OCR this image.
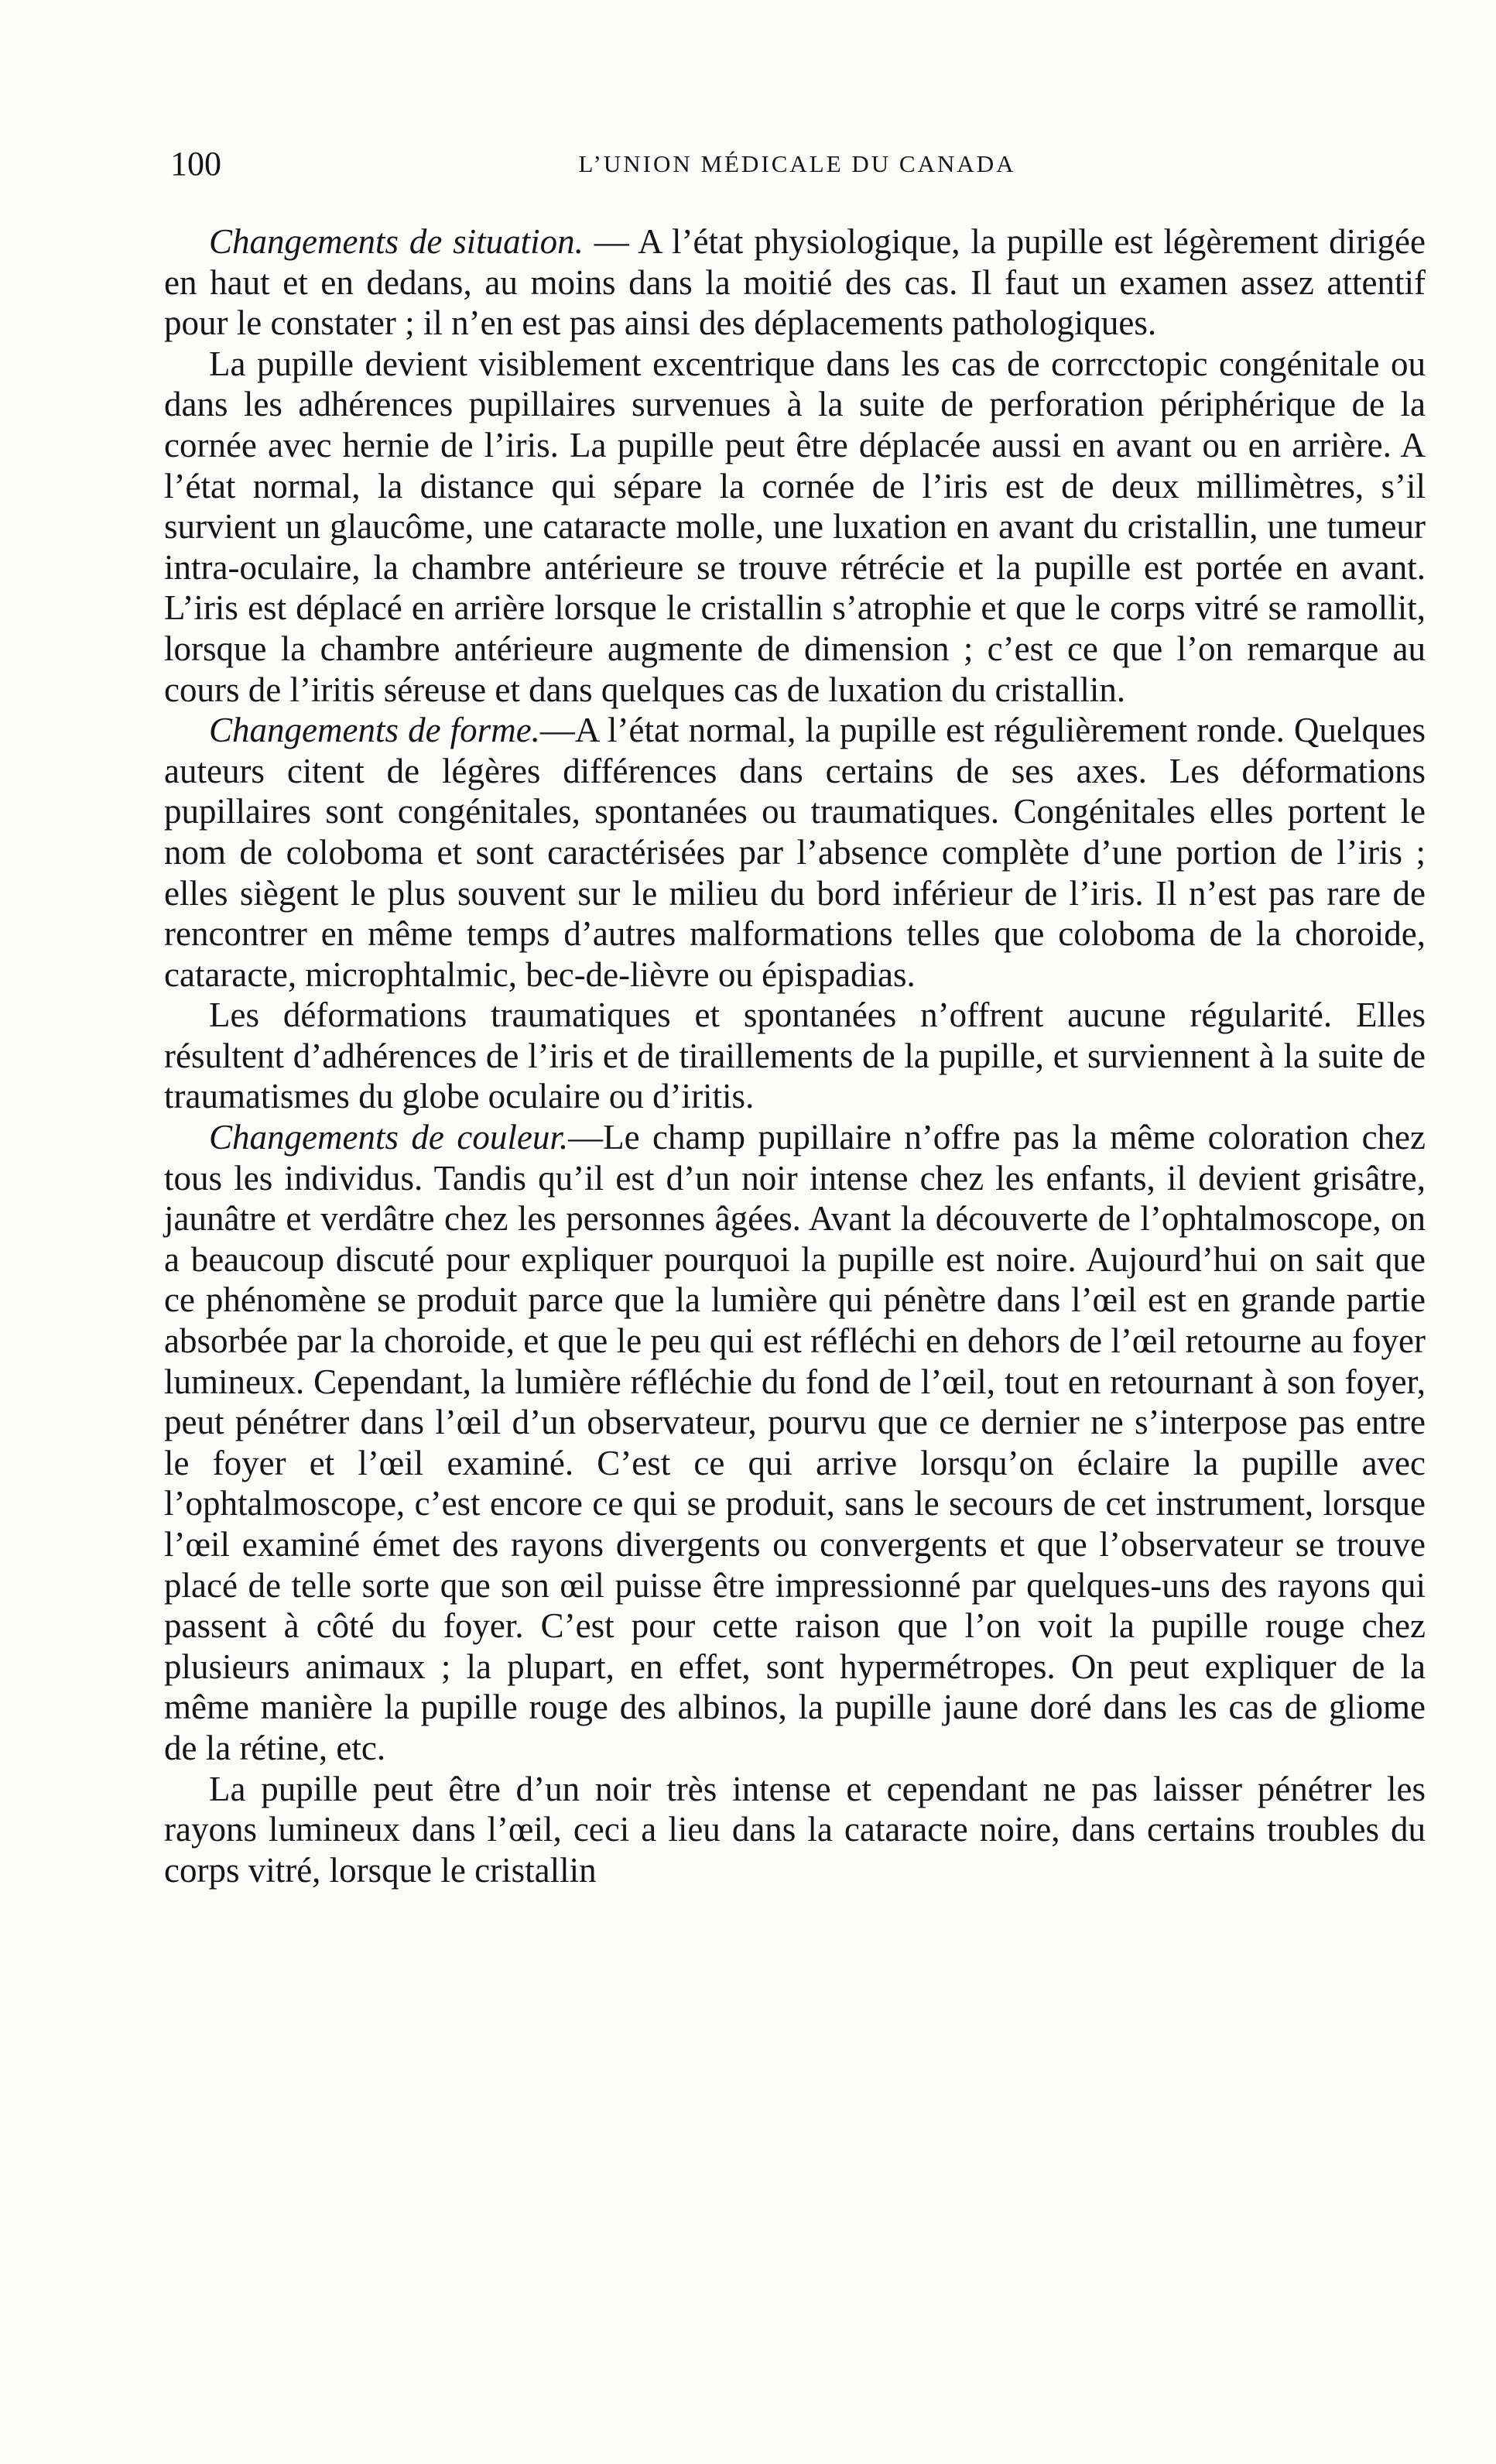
100	L’UNION MÉDICALE DU CANADA

Changements de situation. — A l’état physiologique, la pupille est légèrement dirigée en haut et en dedans, au moins dans la moitié des cas. Il faut un examen assez attentif pour le constater ; il n’en est pas ainsi des déplacements pathologiques.

La pupille devient visiblement excentrique dans les cas de corrcctopic congénitale ou dans les adhérences pupillaires survenues à la suite de perforation périphérique de la cornée avec hernie de l’iris. La pupille peut être déplacée aussi en avant ou en arrière. A l’état normal, la distance qui sépare la cornée de l’iris est de deux millimètres, s’il survient un glaucôme, une cataracte molle, une luxation en avant du cristallin, une tumeur intra-oculaire, la chambre antérieure se trouve rétrécie et la pupille est portée en avant. L’iris est déplacé en arrière lorsque le cristallin s’atrophie et que le corps vitré se ramollit, lorsque la chambre antérieure augmente de dimension ; c’est ce que l’on remarque au cours de l’iritis séreuse et dans quelques cas de luxation du cristallin.

Changements de forme.—A l’état normal, la pupille est régulièrement ronde. Quelques auteurs citent de légères différences dans certains de ses axes. Les déformations pupillaires sont congénitales, spontanées ou traumatiques. Congénitales elles portent le nom de coloboma et sont caractérisées par l’absence complète d’une portion de l’iris ; elles siègent le plus souvent sur le milieu du bord inférieur de l’iris. Il n’est pas rare de rencontrer en même temps d’autres malformations telles que coloboma de la choroide, cataracte, microphtalmic, bec-de-lièvre ou épispadias.

Les déformations traumatiques et spontanées n’offrent aucune régularité. Elles résultent d’adhérences de l’iris et de tiraillements de la pupille, et surviennent à la suite de traumatismes du globe oculaire ou d’iritis.

Changements de couleur.—Le champ pupillaire n’offre pas la même coloration chez tous les individus. Tandis qu’il est d’un noir intense chez les enfants, il devient grisâtre, jaunâtre et verdâtre chez les personnes âgées. Avant la découverte de l’ophtalmoscope, on a beaucoup discuté pour expliquer pourquoi la pupille est noire. Aujourd’hui on sait que ce phénomène se produit parce que la lumière qui pénètre dans l’œil est en grande partie absorbée par la choroide, et que le peu qui est réfléchi en dehors de l’œil retourne au foyer lumineux. Cependant, la lumière réfléchie du fond de l’œil, tout en retournant à son foyer, peut pénétrer dans l’œil d’un observateur, pourvu que ce dernier ne s’interpose pas entre le foyer et l’œil examiné. C’est ce qui arrive lorsqu’on éclaire la pupille avec l’ophtalmoscope, c’est encore ce qui se produit, sans le secours de cet instrument, lorsque l’œil examiné émet des rayons divergents ou convergents et que l’observateur se trouve placé de telle sorte que son œil puisse être impressionné par quelques-uns des rayons qui passent à côté du foyer. C’est pour cette raison que l’on voit la pupille rouge chez plusieurs animaux ; la plupart, en effet, sont hypermétropes. On peut expliquer de la même manière la pupille rouge des albinos, la pupille jaune doré dans les cas de gliome de la rétine, etc.

La pupille peut être d’un noir très intense et cependant ne pas laisser pénétrer les rayons lumineux dans l’œil, ceci a lieu dans la cataracte noire, dans certains troubles du corps vitré, lorsque le cristallin
